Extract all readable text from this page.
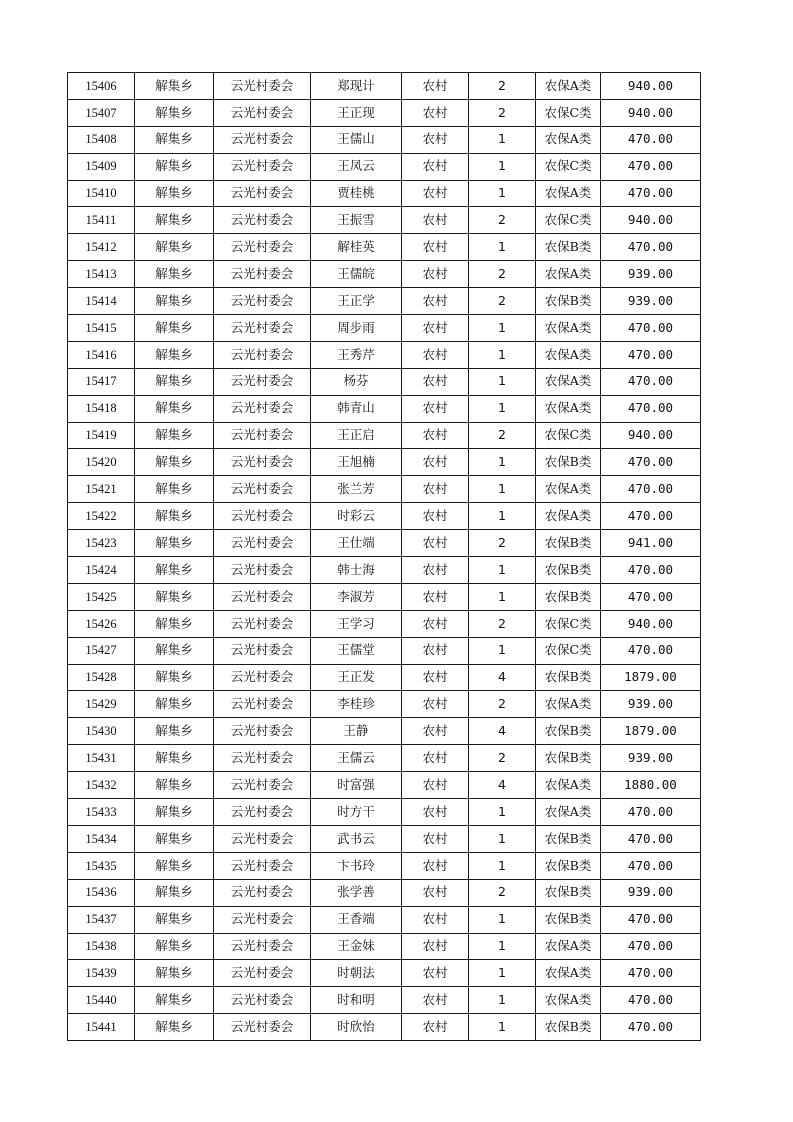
15406	解集乡	云光村委会	郑现计	农村	2	农保A类	940.00
15407	解集乡	云光村委会	王正现	农村	2	农保C类	940.00
15408	解集乡	云光村委会	王儒山	农村	1	农保A类	470.00
15409	解集乡	云光村委会	王凤云	农村	1	农保C类	470.00
15410	解集乡	云光村委会	贾桂桃	农村	1	农保A类	470.00
15411	解集乡	云光村委会	王振雪	农村	2	农保C类	940.00
15412	解集乡	云光村委会	解桂英	农村	1	农保B类	470.00
15413	解集乡	云光村委会	王儒皖	农村	2	农保A类	939.00
15414	解集乡	云光村委会	王正学	农村	2	农保B类	939.00
15415	解集乡	云光村委会	周步雨	农村	1	农保A类	470.00
15416	解集乡	云光村委会	王秀芹	农村	1	农保A类	470.00
15417	解集乡	云光村委会	杨芬	农村	1	农保A类	470.00
15418	解集乡	云光村委会	韩青山	农村	1	农保A类	470.00
15419	解集乡	云光村委会	王正启	农村	2	农保C类	940.00
15420	解集乡	云光村委会	王旭楠	农村	1	农保B类	470.00
15421	解集乡	云光村委会	张兰芳	农村	1	农保A类	470.00
15422	解集乡	云光村委会	时彩云	农村	1	农保A类	470.00
15423	解集乡	云光村委会	王仕端	农村	2	农保B类	941.00
15424	解集乡	云光村委会	韩士海	农村	1	农保B类	470.00
15425	解集乡	云光村委会	李淑芳	农村	1	农保B类	470.00
15426	解集乡	云光村委会	王学习	农村	2	农保C类	940.00
15427	解集乡	云光村委会	王儒堂	农村	1	农保C类	470.00
15428	解集乡	云光村委会	王正发	农村	4	农保B类	1879.00
15429	解集乡	云光村委会	李桂珍	农村	2	农保A类	939.00
15430	解集乡	云光村委会	王静	农村	4	农保B类	1879.00
15431	解集乡	云光村委会	王儒云	农村	2	农保B类	939.00
15432	解集乡	云光村委会	时富强	农村	4	农保A类	1880.00
15433	解集乡	云光村委会	时方干	农村	1	农保A类	470.00
15434	解集乡	云光村委会	武书云	农村	1	农保B类	470.00
15435	解集乡	云光村委会	卞书玲	农村	1	农保B类	470.00
15436	解集乡	云光村委会	张学善	农村	2	农保B类	939.00
15437	解集乡	云光村委会	王香端	农村	1	农保B类	470.00
15438	解集乡	云光村委会	王金妹	农村	1	农保A类	470.00
15439	解集乡	云光村委会	时朝法	农村	1	农保A类	470.00
15440	解集乡	云光村委会	时和明	农村	1	农保A类	470.00
15441	解集乡	云光村委会	时欣怡	农村	1	农保B类	470.00
